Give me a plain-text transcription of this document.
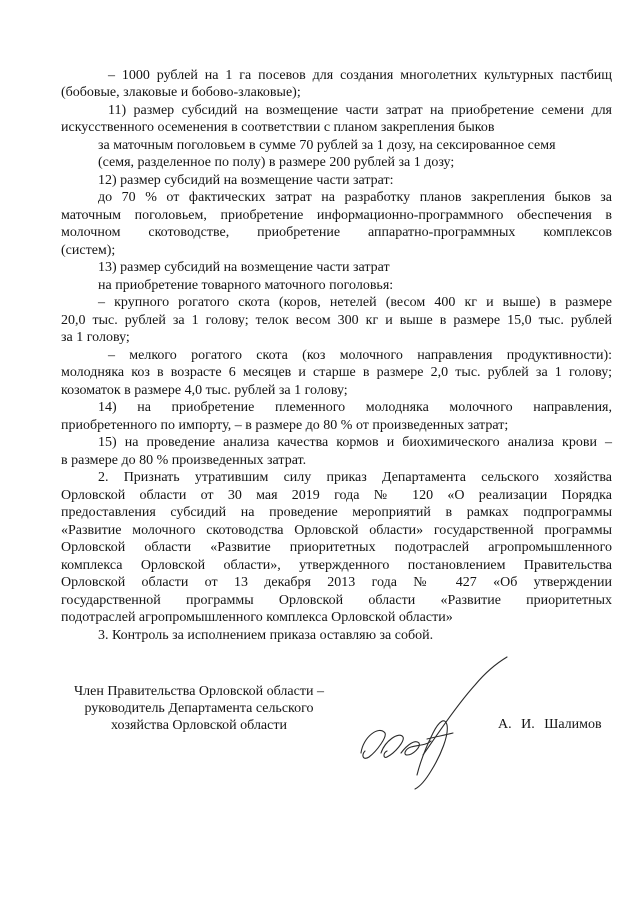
– 1000 рублей на 1 га посевов для создания многолетних культурных пастбищ

(бобовые, злаковые и бобово-злаковые);

11) размер субсидий на возмещение части затрат на приобретение семени для

искусственного осеменения в соответствии с планом закрепления быков

за маточным поголовьем в сумме 70 рублей за 1 дозу, на сексированное семя

(семя, разделенное по полу) в размере 200 рублей за 1 дозу;

12) размер субсидий на возмещение части затрат:

до 70 % от фактических затрат на разработку планов закрепления быков за

маточным поголовьем, приобретение информационно-программного обеспечения в

молочном скотоводстве, приобретение аппаратно-программных комплексов

(систем);

13) размер субсидий на возмещение части затрат

на приобретение товарного маточного поголовья:

– крупного рогатого скота (коров, нетелей (весом 400 кг и выше) в размере

20,0 тыс. рублей за 1 голову; телок весом 300 кг и выше в размере 15,0 тыс. рублей

за 1 голову;

– мелкого рогатого скота (коз молочного направления продуктивности):

молодняка коз в возрасте 6 месяцев и старше в размере 2,0 тыс. рублей за 1 голову;

козоматок в размере 4,0 тыс. рублей за 1 голову;

14) на приобретение племенного молодняка молочного направления,

приобретенного по импорту, – в размере до 80 % от произведенных затрат;

15) на проведение анализа качества кормов и биохимического анализа крови –

в размере до 80 % произведенных затрат.

2. Признать утратившим силу приказ Департамента сельского хозяйства

Орловской области от 30 мая 2019 года № 120 «О реализации Порядка

предоставления субсидий на проведение мероприятий в рамках подпрограммы

«Развитие молочного скотоводства Орловской области» государственной программы

Орловской области «Развитие приоритетных подотраслей агропромышленного

комплекса Орловской области», утвержденного постановлением Правительства

Орловской области от 13 декабря 2013 года № 427 «Об утверждении

государственной программы Орловской области «Развитие приоритетных

подотраслей агропромышленного комплекса Орловской области»

3. Контроль за исполнением приказа оставляю за собой.

Член Правительства Орловской области –
руководитель Департамента сельского
хозяйства Орловской области	А. И. Шалимов
